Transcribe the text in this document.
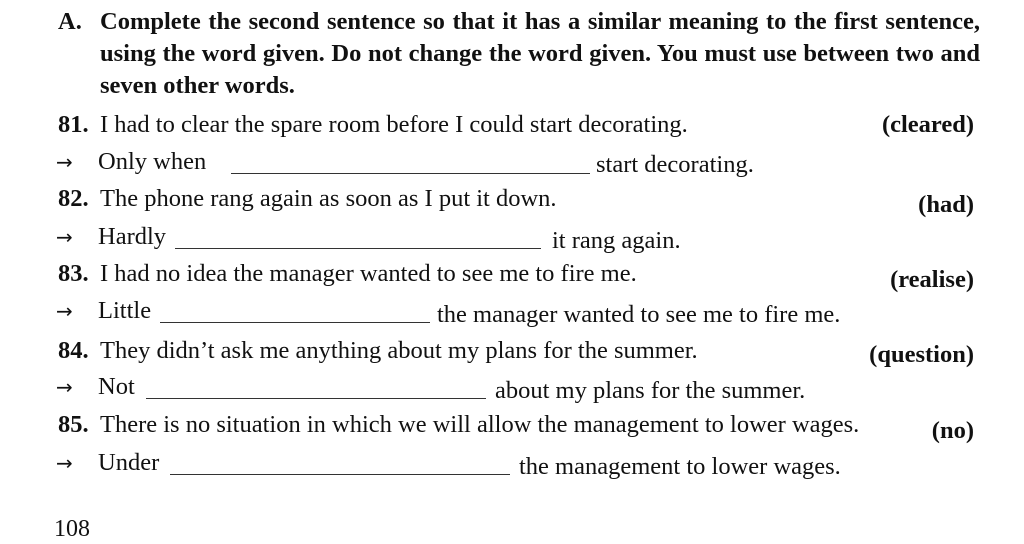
A. Complete the second sentence so that it has a similar meaning to the first sentence, using the word given. Do not change the word given. You must use between two and seven other words.
81. I had to clear the spare room before I could start decorating.	(cleared)
→ Only when	start decorating.
82. The phone rang again as soon as I put it down.	(had)
→ Hardly	it rang again.
83. I had no idea the manager wanted to see me to fire me.	(realise)
→ Little	the manager wanted to see me to fire me.
84. They didn’t ask me anything about my plans for the summer.	(question)
→ Not	about my plans for the summer.
85. There is no situation in which we will allow the management to lower wages.	(no)
→ Under	the management to lower wages.
108
